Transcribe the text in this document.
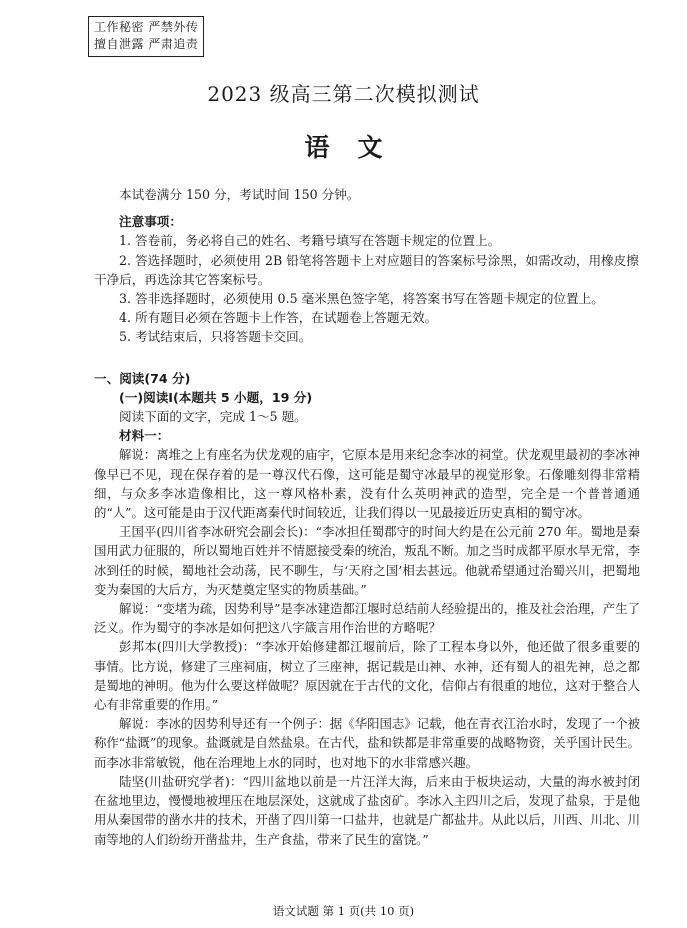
工作秘密 严禁外传
擅自泄露 严肃追责
2023 级高三第二次模拟测试
语文

本试卷满分 150 分，考试时间 150 分钟。

注意事项：

1. 答卷前，务必将自己的姓名、考籍号填写在答题卡规定的位置上。

2. 答选择题时，必须使用 2B 铅笔将答题卡上对应题目的答案标号涂黑，如需改动，用橡皮擦干净后，再选涂其它答案标号。

3. 答非选择题时，必须使用 0.5 毫米黑色签字笔，将答案书写在答题卡规定的位置上。

4. 所有题目必须在答题卡上作答，在试题卷上答题无效。

5. 考试结束后，只将答题卡交回。

一、阅读(74 分)

(一)阅读Ⅰ(本题共 5 小题，19 分)

阅读下面的文字，完成 1～5 题。

材料一：

解说：离堆之上有座名为伏龙观的庙宇，它原本是用来纪念李冰的祠堂。伏龙观里最初的李冰神像早已不见，现在保存着的是一尊汉代石像，这可能是蜀守冰最早的视觉形象。石像雕刻得非常精细，与众多李冰造像相比，这一尊风格朴素，没有什么英明神武的造型，完全是一个普普通通的“人”。这可能是由于汉代距离秦代时间较近，让我们得以一见最接近历史真相的蜀守冰。

王国平(四川省李冰研究会副会长)：“李冰担任蜀郡守的时间大约是在公元前 270 年。蜀地是秦国用武力征服的，所以蜀地百姓并不情愿接受秦的统治，叛乱不断。加之当时成都平原水旱无常，李冰到任的时候，蜀地社会动荡，民不聊生，与‘天府之国’相去甚远。他就希望通过治蜀兴川，把蜀地变为秦国的大后方，为灭楚奠定坚实的物质基础。”

解说：“变堵为疏，因势利导”是李冰建造都江堰时总结前人经验提出的，推及社会治理，产生了泛义。作为蜀守的李冰是如何把这八字箴言用作治世的方略呢？

彭邦本(四川大学教授)：“李冰开始修建都江堰前后，除了工程本身以外，他还做了很多重要的事情。比方说，修建了三座祠庙，树立了三座神，据记载是山神、水神，还有蜀人的祖先神，总之都是蜀地的神明。他为什么要这样做呢？原因就在于古代的文化，信仰占有很重的地位，这对于整合人心有非常重要的作用。”

解说：李冰的因势利导还有一个例子：据《华阳国志》记载，他在青衣江治水时，发现了一个被称作“盐溉”的现象。盐溉就是自然盐泉。在古代，盐和铁都是非常重要的战略物资，关乎国计民生。而李冰非常敏锐，他在治理地上水的同时，也对地下的水非常感兴趣。

陆坚(川盐研究学者)：“四川盆地以前是一片汪洋大海，后来由于板块运动，大量的海水被封闭在盆地里边，慢慢地被埋压在地层深处，这就成了盐卤矿。李冰入主四川之后，发现了盐泉，于是他用从秦国带的凿水井的技术，开凿了四川第一口盐井，也就是广都盐井。从此以后，川西、川北、川南等地的人们纷纷开凿盐井，生产食盐，带来了民生的富饶。”

语文试题 第 1 页(共 10 页)
